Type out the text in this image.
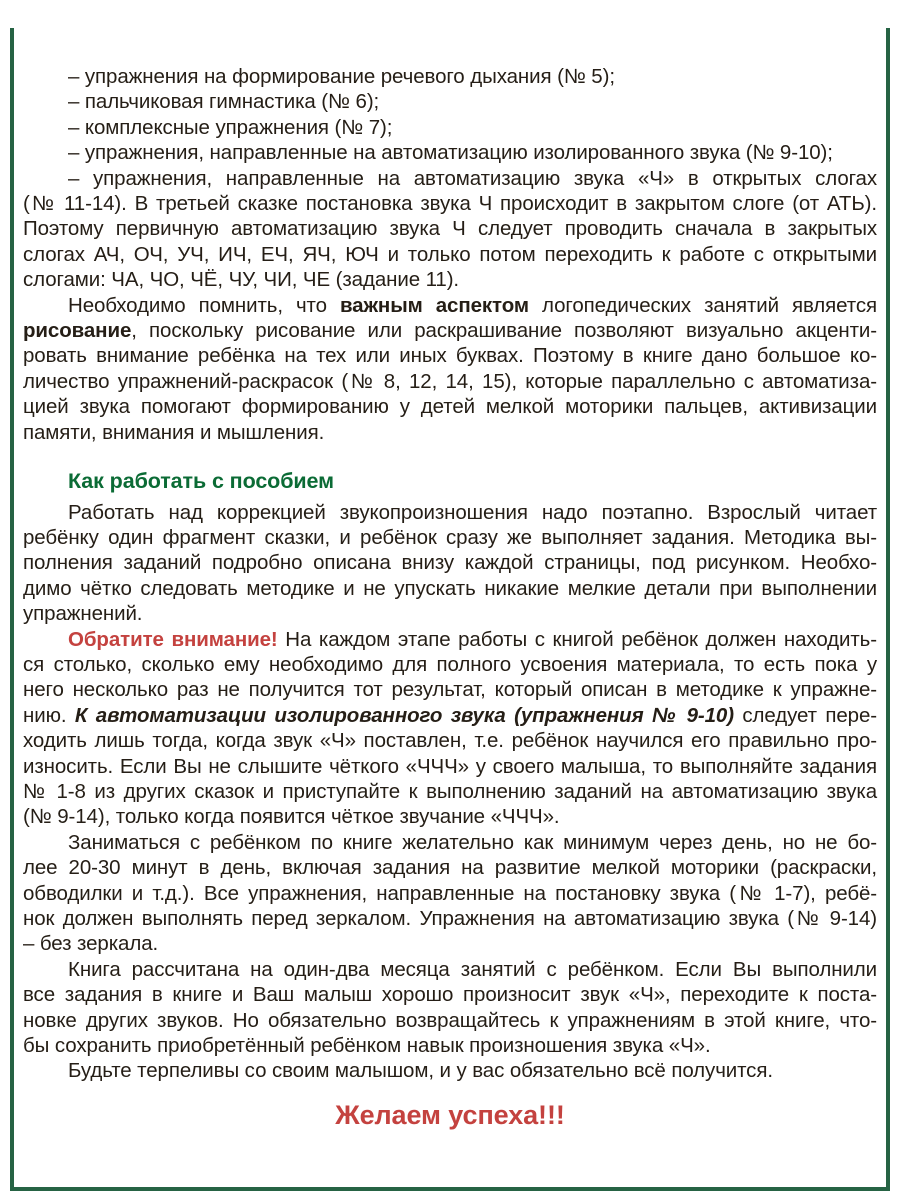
– упражнения на формирование речевого дыхания (№ 5);
– пальчиковая гимнастика (№ 6);
– комплексные упражнения (№ 7);
– упражнения, направленные на автоматизацию изолированного звука (№ 9-10);
– упражнения, направленные на автоматизацию звука «Ч» в открытых слогах
(№ 11-14). В третьей сказке постановка звука Ч происходит в закрытом слоге (от АТЬ).
Поэтому первичную автоматизацию звука Ч следует проводить сначала в закрытых
слогах АЧ, ОЧ, УЧ, ИЧ, ЕЧ, ЯЧ, ЮЧ и только потом переходить к работе с открытыми
слогами: ЧА, ЧО, ЧЁ, ЧУ, ЧИ, ЧЕ (задание 11).
Необходимо помнить, что важным аспектом логопедических занятий является
рисование, поскольку рисование или раскрашивание позволяют визуально акценти-
ровать внимание ребёнка на тех или иных буквах. Поэтому в книге дано большое ко-
личество упражнений-раскрасок (№ 8, 12, 14, 15), которые параллельно с автоматиза-
цией звука помогают формированию у детей мелкой моторики пальцев, активизации
памяти, внимания и мышления.
Как работать с пособием
Работать над коррекцией звукопроизношения надо поэтапно. Взрослый читает
ребёнку один фрагмент сказки, и ребёнок сразу же выполняет задания. Методика вы-
полнения заданий подробно описана внизу каждой страницы, под рисунком. Необхо-
димо чётко следовать методике и не упускать никакие мелкие детали при выполнении
упражнений.
Обратите внимание! На каждом этапе работы с книгой ребёнок должен находить-
ся столько, сколько ему необходимо для полного усвоения материала, то есть пока у
него несколько раз не получится тот результат, который описан в методике к упражне-
нию. К автоматизации изолированного звука (упражнения № 9-10) следует пере-
ходить лишь тогда, когда звук «Ч» поставлен, т.е. ребёнок научился его правильно про-
износить. Если Вы не слышите чёткого «ЧЧЧ» у своего малыша, то выполняйте задания
№ 1-8 из других сказок и приступайте к выполнению заданий на автоматизацию звука
(№ 9-14), только когда появится чёткое звучание «ЧЧЧ».
Заниматься с ребёнком по книге желательно как минимум через день, но не бо-
лее 20-30 минут в день, включая задания на развитие мелкой моторики (раскраски,
обводилки и т.д.). Все упражнения, направленные на постановку звука (№ 1-7), ребё-
нок должен выполнять перед зеркалом. Упражнения на автоматизацию звука (№ 9-14)
– без зеркала.
Книга рассчитана на один-два месяца занятий с ребёнком. Если Вы выполнили
все задания в книге и Ваш малыш хорошо произносит звук «Ч», переходите к поста-
новке других звуков. Но обязательно возвращайтесь к упражнениям в этой книге, что-
бы сохранить приобретённый ребёнком навык произношения звука «Ч».
Будьте терпеливы со своим малышом, и у вас обязательно всё получится.
Желаем успеха!!!
